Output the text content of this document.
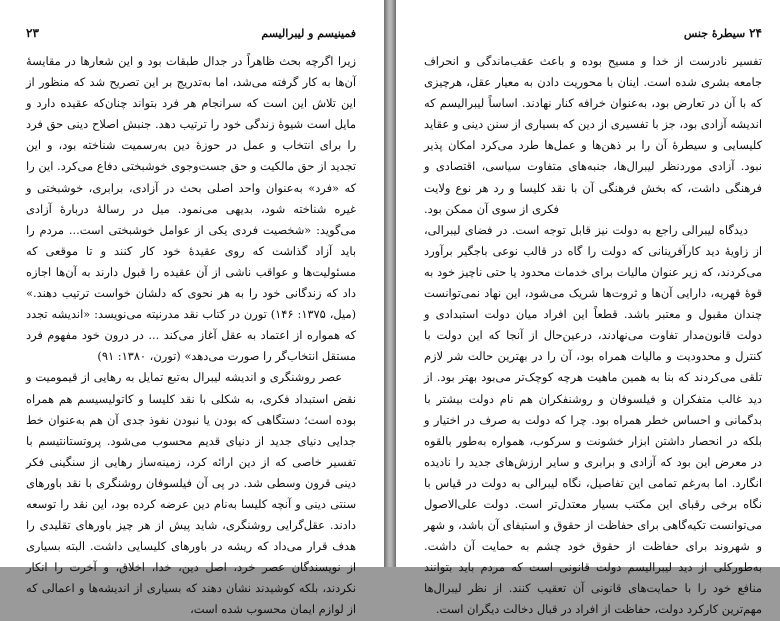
فمینیسم و لیبرالیسم
۲۳

زیرا اگرچه بحث ظاهراً در جدال طبقات بود و این شعارها در مقایسهٔ آن‌ها به کار گرفته می‌شد، اما به‌تدریج بر این تصریح شد که منظور از این تلاش این است که سرانجام هر فرد بتواند چنان‌که عقیده دارد و مایل است شیوهٔ زندگی خود را ترتیب دهد. جنبش اصلاح دینی حق فرد را برای انتخاب و عمل در حوزهٔ دین به‌رسمیت شناخته بود، و این تجدید از حق مالکیت و حق جست‌وجوی خوشبختی دفاع می‌کرد. این را که «فرد» به‌عنوان واحد اصلی بحث در آزادی، برابری، خوشبختی و غیره شناخته شود، بدیهی می‌نمود. میل در رسالهٔ دربارهٔ آزادی می‌گوید: «شخصیت فردی یکی از عوامل خوشبختی است... مردم را باید آزاد گذاشت که روی عقیدهٔ خود کار کنند و تا موقعی که مسئولیت‌ها و عواقب ناشی از آن عقیده را قبول دارند به آن‌ها اجازه داد که زندگانی خود را به هر نحوی که دلشان خواست ترتیب دهند.» (میل، ۱۳۷۵: ۱۴۶) تورن در کتاب نقد مدرنیته می‌نویسد: «اندیشه تجدد که همواره از اعتماد به عقل آغاز می‌کند ... در درون خود مفهوم فرد مستقل انتخاب‌گر را صورت می‌دهد» (تورن، ۱۳۸۰: ۹۱)

عصر روشنگری و اندیشه لیبرال به‌تبع تمایل به رهایی از قیمومیت و نقض استبداد فکری، به شکلی با نقد کلیسا و کاتولیسیسم هم همراه بوده است؛ دستگاهی که بودن یا نبودن نفوذ جدی آن هم به‌عنوان خط جدایی دنیای جدید از دنیای قدیم محسوب می‌شود. پروتستانتیسم با تفسیر خاصی که از دین ارائه کرد، زمینه‌ساز رهایی از سنگینی فکر دینی قرون وسطی شد. در پی آن فیلسوفان روشنگری با نقد باورهای سنتی دینی و آنچه کلیسا به‌نام دین عرضه کرده بود، این نقد را توسعه دادند. عقل‌گرایی روشنگری، شاید پیش از هر چیز باورهای تقلیدی را هدف قرار می‌داد که ریشه در باورهای کلیسایی داشت. البته بسیاری از نویسندگان عصر خرد، اصل دین، خدا، اخلاق، و آخرت را انکار نکردند، بلکه کوشیدند نشان دهند که بسیاری از اندیشه‌ها و اعمالی که از لوازم ایمان محسوب شده است،

۲۴ سیطرهٔ جنس

تفسیر نادرست از خدا و مسیح بوده و باعث عقب‌ماندگی و انحراف جامعه بشری شده است. اینان با محوریت دادن به معیار عقل، هرچیزی که با آن در تعارض بود، به‌عنوان خرافه کنار نهادند. اساساً لیبرالیسم که اندیشه آزادی بود، جز با تفسیری از دین که بسیاری از سنن دینی و عقاید کلیسایی و سیطرهٔ آن را بر ذهن‌ها و عمل‌ها طرد می‌کرد امکان پذیر نبود. آزادی موردنظر لیبرال‌ها، جنبه‌های متفاوت سیاسی، اقتصادی و فرهنگی داشت، که بخش فرهنگی آن با نقد کلیسا و رد هر نوع ولایت فکری از سوی آن ممکن بود.

دیدگاه لیبرالی راجع به دولت نیز قابل توجه است. در فضای لیبرالی، از زاویهٔ دید کارآفرینانی که دولت را گاه در قالب نوعی باجگیر برآورد می‌کردند، که زیر عنوان مالیات برای خدمات محدود یا حتی ناچیز خود به قوهٔ قهریه، دارایی آن‌ها و ثروت‌ها شریک می‌شود، این نهاد نمی‌توانست چندان مقبول و معتبر باشد. قطعاً این افراد میان دولت استبدادی و دولت قانون‌مدار تفاوت می‌نهادند، درعین‌حال از آنجا که این دولت با کنترل و محدودیت و مالیات همراه بود، آن را در بهترین حالت شر لازم تلقی می‌کردند که بنا به همین ماهیت هرچه کوچک‌تر می‌بود بهتر بود. از دید غالب متفکران و فیلسوفان و روشنفکران هم نام دولت بیشتر با بدگمانی و احساس خطر همراه بود. چرا که دولت به صرف در اختیار و بلکه در انحصار داشتن ابزار خشونت و سرکوب، همواره به‌طور بالقوه در معرض این بود که آزادی و برابری و سایر ارزش‌های جدید را نادیده انگارد. اما به‌رغم تمامی این تفاصیل، نگاه لیبرالی به دولت در قیاس با نگاه برخی رقبای این مکتب بسیار معتدل‌تر است. دولت علی‌الاصول می‌توانست تکیه‌گاهی برای حفاظت از حقوق و استیفای آن باشد، و شهر و شهروند برای حفاظت از حقوق خود چشم به حمایت آن داشت. به‌طورکلی از دید لیبرالیسم دولت قانونی است که مردم باید بتوانند منافع خود را با حمایت‌های قانونی آن تعقیب کنند. از نظر لیبرال‌ها مهم‌ترین کارکرد دولت، حفاظت از افراد در قبال دخالت دیگران است.
